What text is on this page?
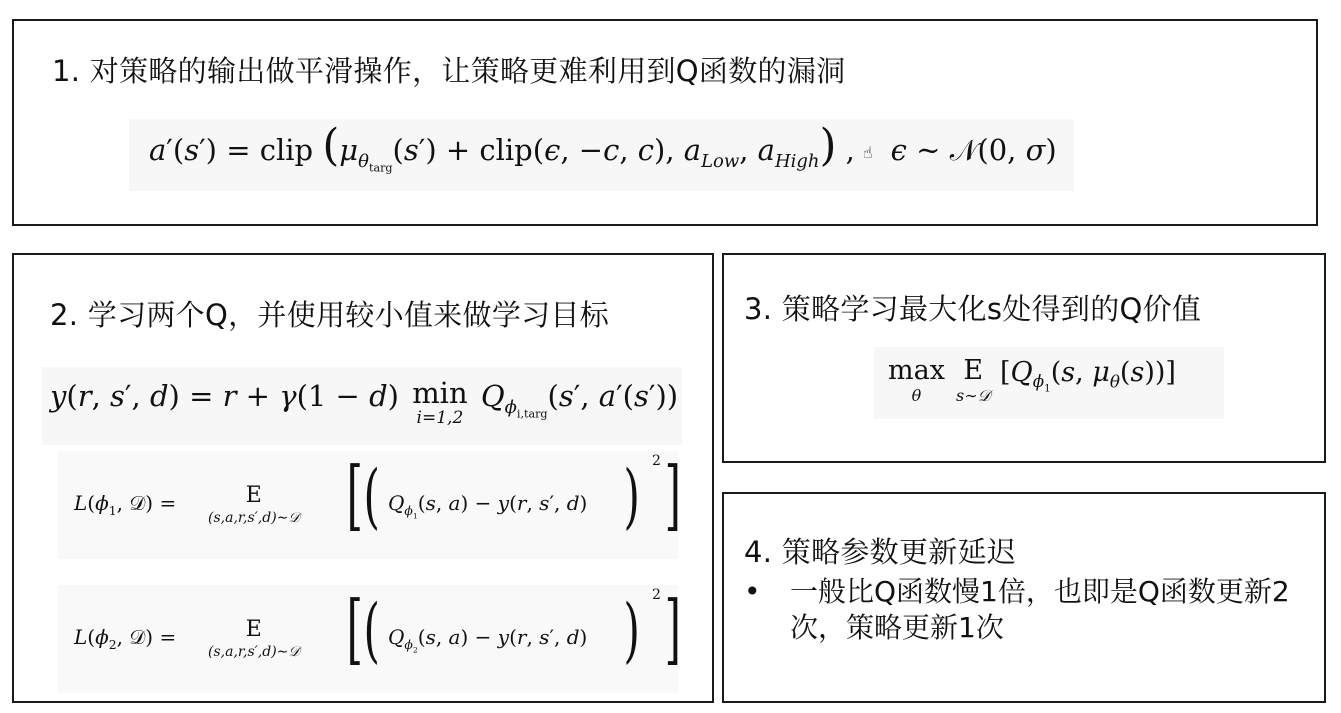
1. 对策略的输出做平滑操作，让策略更难利用到Q函数的漏洞
a′(s′) = clip ($\mu_{\theta_{targ}}(s')$ + clip(ϵ, −c, c), $a_{Low}$, $a_{High}$) , ☝ ϵ ∼ 𝒩(0, σ)
2. 学习两个Q，并使用较小值来做学习目标
y(r, s′, d) = r + γ(1 − d) min
i=1,2
$Q_{\phi_{i,targ}}(s'$, a′(s′))
$L(\phi_1$, 𝒟) =	E
(s,a,r,s′,d)∼𝒟 [ ( $Q_{\phi_1}(s$, a) − y(r, s′, d) ) 2 ]
$L(\phi_2$, 𝒟) =	E
(s,a,r,s′,d)∼𝒟 [ ( $Q_{\phi_2}(s$, a) − y(r, s′, d) ) 2 ]
3. 策略学习最大化s处得到的Q价值
max
θ
E
s∼𝒟
[$Q_{\phi_1}(s$, $\mu_\theta(s)$)]
4. 策略参数更新延迟
• 一般比Q函数慢1倍，也即是Q函数更新2次，策略更新1次
